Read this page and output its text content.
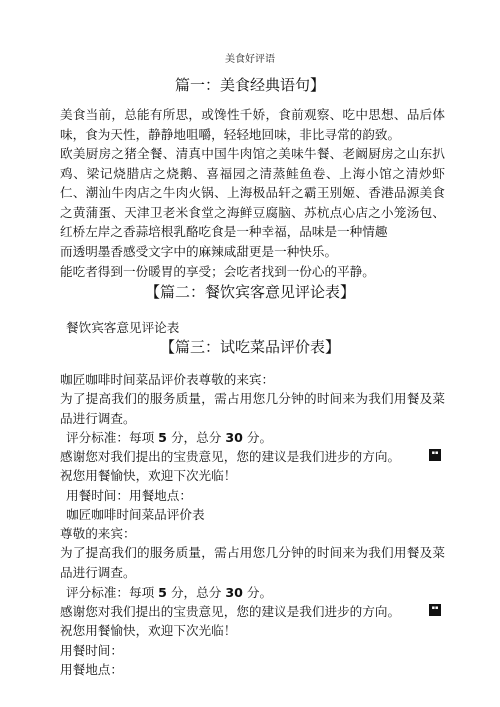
美食好评语
篇一：美食经典语句】
美食当前，总能有所思，或馋性千娇，食前观察、吃中思想、品后体味，食为天性，静静地咀嚼，轻轻地回味，非比寻常的韵致。
欧美厨房之猪全餐、清真中国牛肉馆之美味牛餐、老阚厨房之山东扒鸡、梁记烧腊店之烧鹅、喜福园之清蒸鲑鱼卷、上海小馆之清炒虾仁、潮汕牛肉店之牛肉火锅、上海极品轩之霸王别姬、香港品源美食之黄蒲蛋、天津卫老米食堂之海鲜豆腐脑、苏杭点心店之小笼汤包、红桥左岸之香蒜培根乳酪吃食是一种幸福，品味是一种情趣
而透明墨香感受文字中的麻辣咸甜更是一种快乐。
能吃者得到一份暖胃的享受；会吃者找到一份心的平静。
【篇二：餐饮宾客意见评论表】
餐饮宾客意见评论表
【篇三：试吃菜品评价表】
咖匠咖啡时间菜品评价表尊敬的来宾：
为了提高我们的服务质量，需占用您几分钟的时间来为我们用餐及菜品进行调查。
评分标准：每项 5 分，总分 30 分。
感谢您对我们提出的宝贵意见，您的建议是我们进步的方向。	▪▪
祝您用餐愉快，欢迎下次光临！
用餐时间：用餐地点：
咖匠咖啡时间菜品评价表
尊敬的来宾：
为了提高我们的服务质量，需占用您几分钟的时间来为我们用餐及菜品进行调查。
评分标准：每项 5 分，总分 30 分。
感谢您对我们提出的宝贵意见，您的建议是我们进步的方向。	▪▪
祝您用餐愉快，欢迎下次光临！
用餐时间：
用餐地点：
